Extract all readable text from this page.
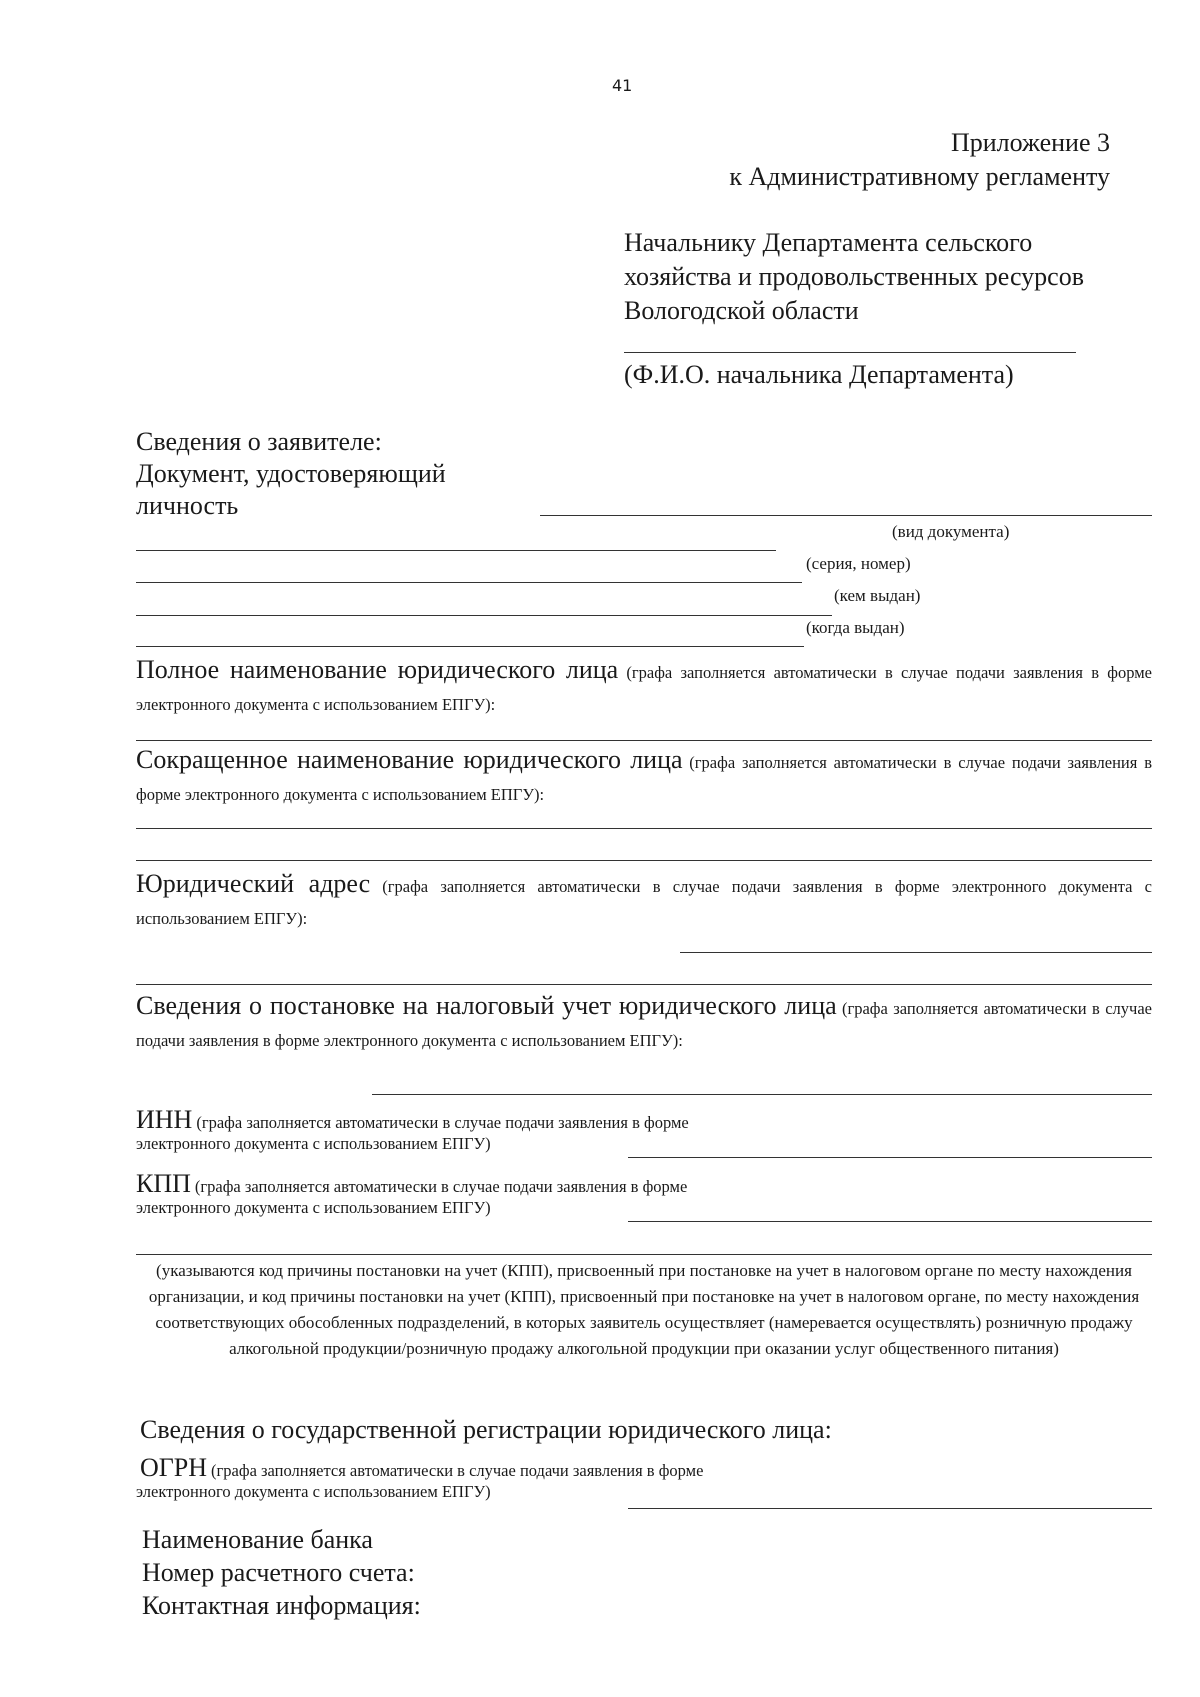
41
Приложение 3
к Административному регламенту
Начальнику Департамента сельского
хозяйства и продовольственных ресурсов
Вологодской области
(Ф.И.О. начальника Департамента)
Сведения о заявителе:
Документ, удостоверяющий
личность
(вид документа)
(серия, номер)
(кем выдан)
(когда выдан)
Полное наименование юридического лица (графа заполняется автоматически в случае подачи заявления в форме электронного документа с использованием ЕПГУ):
Сокращенное наименование юридического лица (графа заполняется автоматически в случае подачи заявления в форме электронного документа с использованием ЕПГУ):
Юридический адрес (графа заполняется автоматически в случае подачи заявления в форме электронного документа с использованием ЕПГУ):
Сведения о постановке на налоговый учет юридического лица (графа заполняется автоматически в случае подачи заявления в форме электронного документа с использованием ЕПГУ):
ИНН (графа заполняется автоматически в случае подачи заявления в форме
электронного документа с использованием ЕПГУ)
КПП (графа заполняется автоматически в случае подачи заявления в форме
электронного документа с использованием ЕПГУ)
(указываются код причины постановки на учет (КПП), присвоенный при постановке на учет в налоговом органе по месту нахождения организации, и код причины постановки на учет (КПП), присвоенный при постановке на учет в налоговом органе, по месту нахождения соответствующих обособленных подразделений, в которых заявитель осуществляет (намеревается осуществлять) розничную продажу алкогольной продукции/розничную продажу алкогольной продукции при оказании услуг общественного питания)
Сведения о государственной регистрации юридического лица:
ОГРН (графа заполняется автоматически в случае подачи заявления в форме
электронного документа с использованием ЕПГУ)
Наименование банка
Номер расчетного счета:
Контактная информация:
